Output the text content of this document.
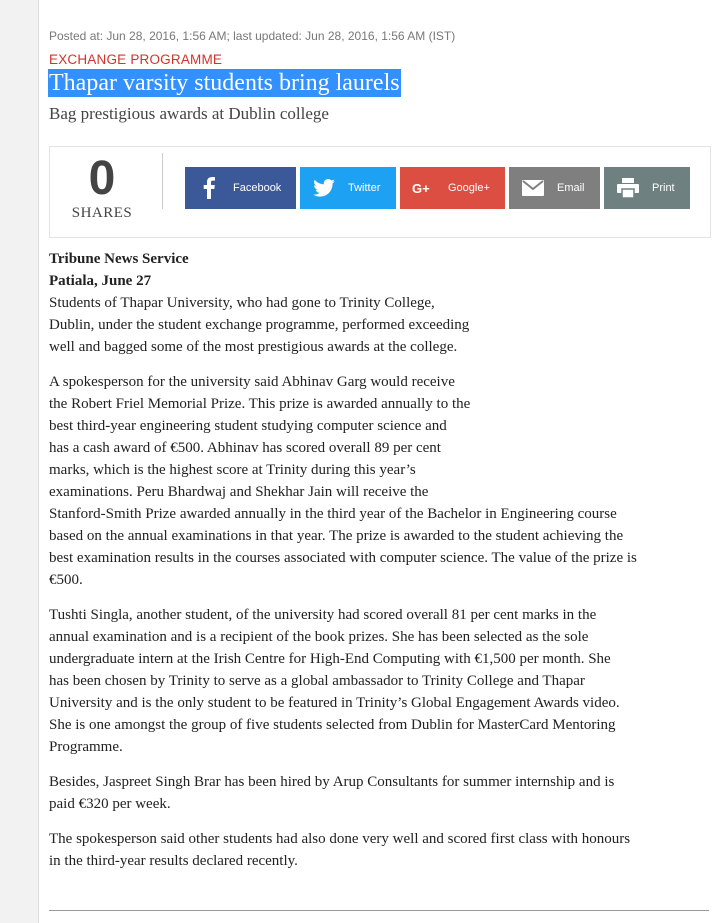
Posted at: Jun 28, 2016, 1:56 AM; last updated: Jun 28, 2016, 1:56 AM (IST)
EXCHANGE PROGRAMME
Thapar varsity students bring laurels
Bag prestigious awards at Dublin college
0
SHARES
Facebook	Twitter G+ Google+	Email	Print

Tribune News Service
Patiala, June 27
Students of Thapar University, who had gone to Trinity College,
Dublin, under the student exchange programme, performed exceeding
well and bagged some of the most prestigious awards at the college.

A spokesperson for the university said Abhinav Garg would receive
the Robert Friel Memorial Prize. This prize is awarded annually to the
best third-year engineering student studying computer science and
has a cash award of €500. Abhinav has scored overall 89 per cent
marks, which is the highest score at Trinity during this year’s
examinations. Peru Bhardwaj and Shekhar Jain will receive the
Stanford-Smith Prize awarded annually in the third year of the Bachelor in Engineering course
based on the annual examinations in that year. The prize is awarded to the student achieving the
best examination results in the courses associated with computer science. The value of the prize is
€500.

Tushti Singla, another student, of the university had scored overall 81 per cent marks in the
annual examination and is a recipient of the book prizes. She has been selected as the sole
undergraduate intern at the Irish Centre for High-End Computing with €1,500 per month. She
has been chosen by Trinity to serve as a global ambassador to Trinity College and Thapar
University and is the only student to be featured in Trinity’s Global Engagement Awards video.
She is one amongst the group of five students selected from Dublin for MasterCard Mentoring
Programme.

Besides, Jaspreet Singh Brar has been hired by Arup Consultants for summer internship and is
paid €320 per week.

The spokesperson said other students had also done very well and scored first class with honours
in the third-year results declared recently.
